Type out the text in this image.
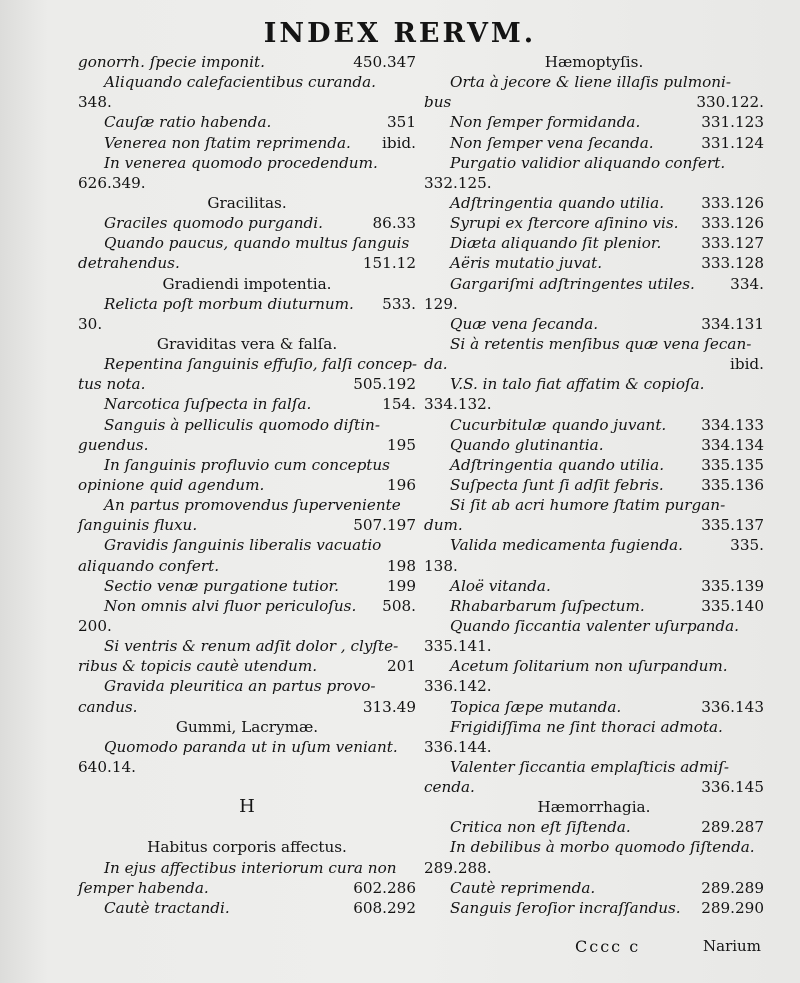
INDEX RERVM.
gonorrh. ſpecie imponit.	450.347
Aliquando calefacientibus curanda.
348.
Cauſæ ratio habenda.	351
Venerea non ſtatim reprimenda. ibid.
In venerea quomodo procedendum.
626.349.
Gracilitas.
Graciles quomodo purgandi.	86.33
Quando paucus, quando multus ſanguis
detrahendus.	151.12
Gradiendi impotentia.
Relicta poſt morbum diuturnum. 533.
30.
Graviditas vera & falſa.
Repentina ſanguinis effuſio, falſi concep-
tus nota.	505.192
Narcotica ſuſpecta in falſa.	154.
Sanguis à pelliculis quomodo diſtin-
guendus.	195
In ſanguinis profluvio cum conceptus
opinione quid agendum.	196
An partus promovendus ſuperveniente
ſanguinis fluxu.	507.197
Gravidis ſanguinis liberalis vacuatio
aliquando confert.	198
Sectio venæ purgatione tutior.	199
Non omnis alvi fluor periculoſus. 508.
200.
Si ventris & renum adſit dolor , clyſte-
ribus & topicis cautè utendum.	201
Gravida pleuritica an partus provo-
candus.	313.49
Gummi, Lacrymæ.
Quomodo paranda ut in uſum veniant.
640.14.
H
Habitus corporis affectus.
In ejus affectibus interiorum cura non
ſemper habenda.	602.286
Cautè tractandi.	608.292
Hæmoptyſis.
Orta à jecore & liene illaſis pulmoni-
bus	330.122.
Non ſemper formidanda.	331.123
Non ſemper vena ſecanda.	331.124
Purgatio validior aliquando confert.
332.125.
Adſtringentia quando utilia. 333.126
Syrupi ex ſtercore aſinino vis. 333.126
Diæta aliquando ſit plenior.	333.127
Aëris mutatio juvat.	333.128
Gargariſmi adſtringentes utiles. 334.
129.
Quæ vena ſecanda.	334.131
Si à retentis menſibus quæ vena ſecan-
da.	ibid.
V.S. in talo fiat affatim & copioſa.
334.132.
Cucurbitulæ quando juvant. 334.133
Quando glutinantia.	334.134
Adſtringentia quando utilia. 335.135
Suſpecta ſunt ſi adſit febris. 335.136
Si ſit ab acri humore ſtatim purgan-
dum.	335.137
Valida medicamenta fugienda.	335.
138.
Aloë vitanda.	335.139
Rhabarbarum ſuſpectum.	335.140
Quando ſiccantia valenter uſurpanda.
335.141.
Acetum ſolitarium non uſurpandum.
336.142.
Topica ſæpe mutanda.	336.143
Frigidiſſima ne ſint thoraci admota.
336.144.
Valenter ſiccantia emplaſticis admiſ-
cenda.	336.145
Hæmorrhagia.
Critica non eſt ſiſtenda.	289.287
In debilibus à morbo quomodo ſiſtenda.
289.288.
Cautè reprimenda.	289.289
Sanguis ſeroſior incraſſandus. 289.290
Cccc c	Narium
